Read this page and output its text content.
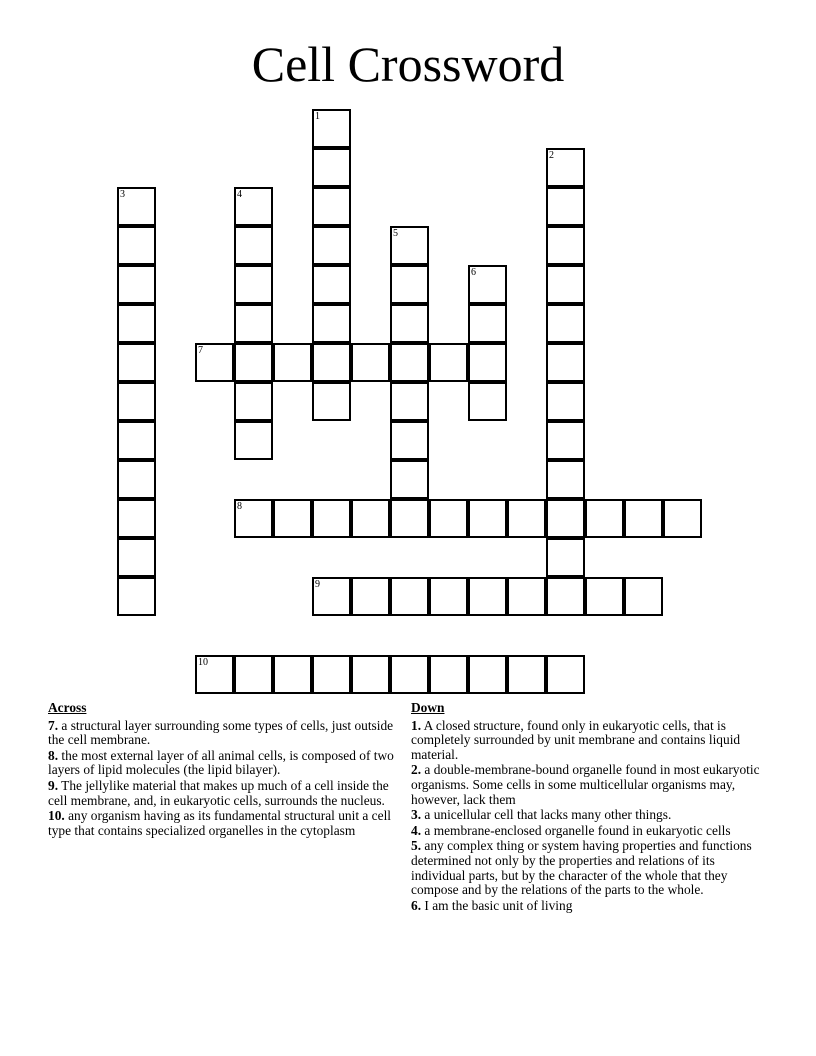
Cell Crossword
1
2
3	4
5
6
7
8
9
10
Across
7. a structural layer surrounding some types of cells, just outside the cell membrane.
8. the most external layer of all animal cells, is composed of two layers of lipid molecules (the lipid bilayer).
9. The jellylike material that makes up much of a cell inside the cell membrane, and, in eukaryotic cells, surrounds the nucleus.
10. any organism having as its fundamental structural unit a cell type that contains specialized organelles in the cytoplasm
Down
1. A closed structure, found only in eukaryotic cells, that is completely surrounded by unit membrane and contains liquid material.
2. a double-membrane-bound organelle found in most eukaryotic organisms. Some cells in some multicellular organisms may, however, lack them
3. a unicellular cell that lacks many other things.
4. a membrane-enclosed organelle found in eukaryotic cells
5. any complex thing or system having properties and functions determined not only by the properties and relations of its individual parts, but by the character of the whole that they compose and by the relations of the parts to the whole.
6. I am the basic unit of living
